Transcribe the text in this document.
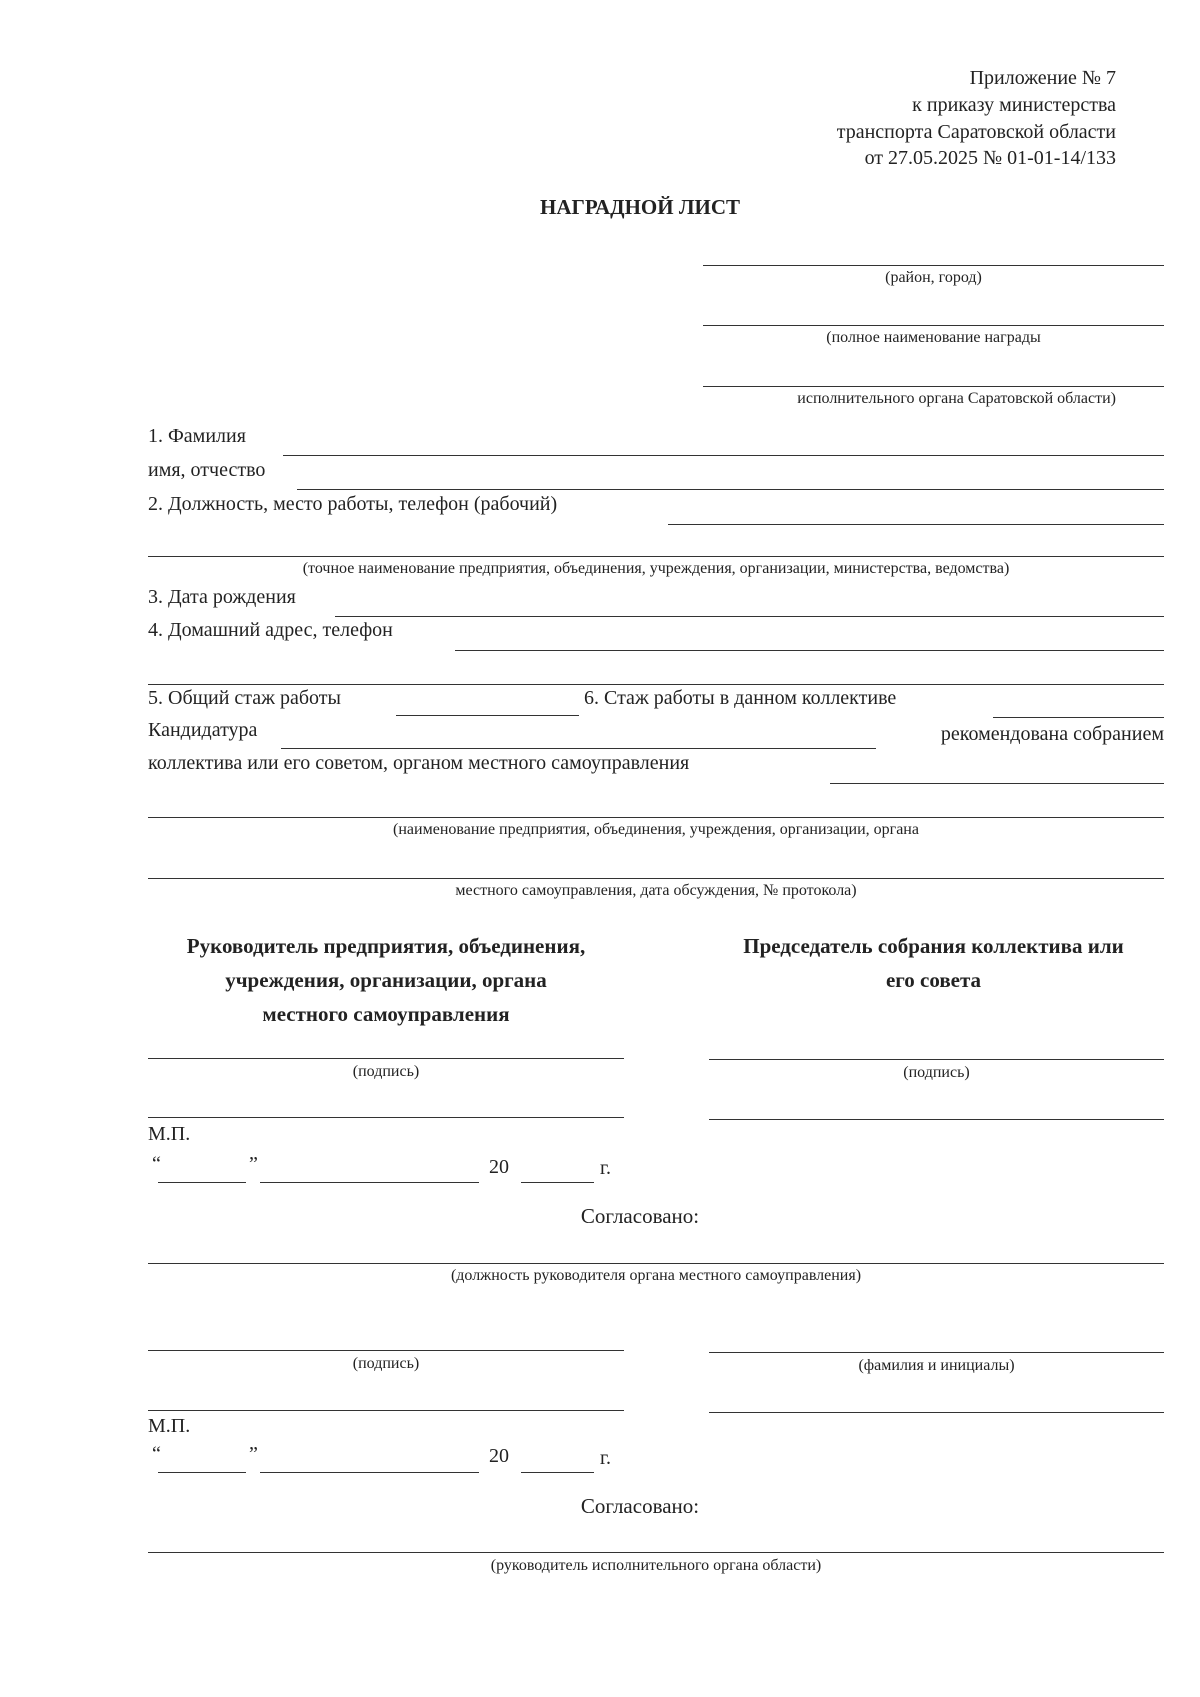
Приложение № 7
к приказу министерства
транспорта Саратовской области
от 27.05.2025 № 01-01-14/133
НАГРАДНОЙ ЛИСТ
(район, город)
(полное наименование награды
исполнительного органа Саратовской области)
1. Фамилия
имя, отчество
2. Должность, место работы, телефон (рабочий)
(точное наименование предприятия, объединения, учреждения, организации, министерства, ведомства)
3. Дата рождения
4. Домашний адрес, телефон
5. Общий стаж работы	6. Стаж работы в данном коллективе
Кандидатура	рекомендована собранием
коллектива или его советом, органом местного самоуправления
(наименование предприятия, объединения, учреждения, организации, органа
местного самоуправления, дата обсуждения, № протокола)
Руководитель предприятия, объединения,
учреждения, организации, органа
местного самоуправления
Председатель собрания коллектива или
его совета
(подпись)	(подпись)
М.П.
“	”	20	г.
Согласовано:
(должность руководителя органа местного самоуправления)
(подпись)	(фамилия и инициалы)
М.П.
“	”	20	г.
Согласовано:
(руководитель исполнительного органа области)
